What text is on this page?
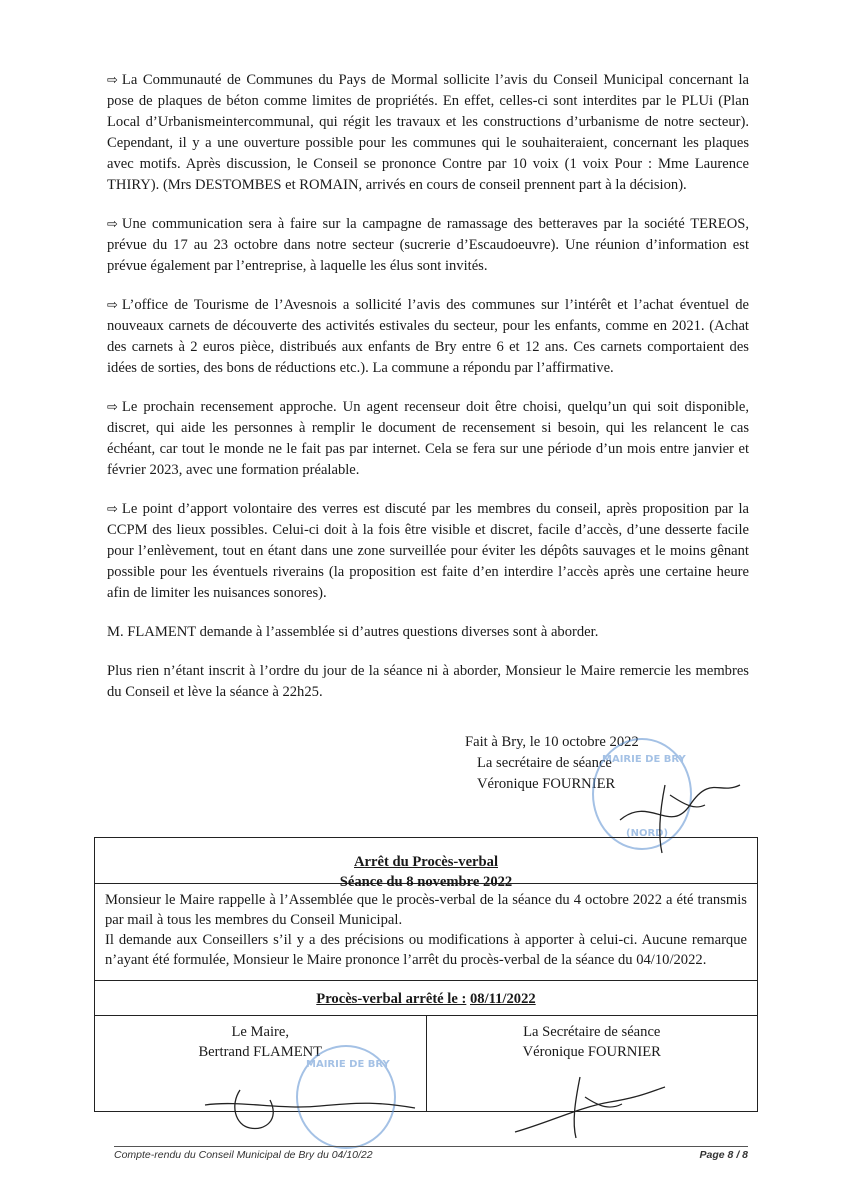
⇨ La Communauté de Communes du Pays de Mormal sollicite l’avis du Conseil Municipal concernant la pose de plaques de béton comme limites de propriétés. En effet, celles-ci sont interdites par le PLUi (Plan Local d’Urbanismeintercommunal, qui régit les travaux et les constructions d’urbanisme de notre secteur). Cependant, il y a une ouverture possible pour les communes qui le souhaiteraient, concernant les plaques avec motifs. Après discussion, le Conseil se prononce Contre par 10 voix (1 voix Pour : Mme Laurence THIRY). (Mrs DESTOMBES et ROMAIN, arrivés en cours de conseil prennent part à la décision).

⇨ Une communication sera à faire sur la campagne de ramassage des betteraves par la société TEREOS, prévue du 17 au 23 octobre dans notre secteur (sucrerie d’Escaudoeuvre). Une réunion d’information est prévue également par l’entreprise, à laquelle les élus sont invités.

⇨ L’office de Tourisme de l’Avesnois a sollicité l’avis des communes sur l’intérêt et l’achat éventuel de nouveaux carnets de découverte des activités estivales du secteur, pour les enfants, comme en 2021. (Achat des carnets à 2 euros pièce, distribués aux enfants de Bry entre 6 et 12 ans. Ces carnets comportaient des idées de sorties, des bons de réductions etc.). La commune a répondu par l’affirmative.

⇨ Le prochain recensement approche. Un agent recenseur doit être choisi, quelqu’un qui soit disponible, discret, qui aide les personnes à remplir le document de recensement si besoin, qui les relancent le cas échéant, car tout le monde ne le fait pas par internet. Cela se fera sur une période d’un mois entre janvier et février 2023, avec une formation préalable.

⇨ Le point d’apport volontaire des verres est discuté par les membres du conseil, après proposition par la CCPM des lieux possibles. Celui-ci doit à la fois être visible et discret, facile d’accès, d’une desserte facile pour l’enlèvement, tout en étant dans une zone surveillée pour éviter les dépôts sauvages et le moins gênant possible pour les éventuels riverains (la proposition est faite d’en interdire l’accès après une certaine heure afin de limiter les nuisances sonores).

M. FLAMENT demande à l’assemblée si d’autres questions diverses sont à aborder.

Plus rien n’étant inscrit à l’ordre du jour de la séance ni à aborder, Monsieur le Maire remercie les membres du Conseil et lève la séance à 22h25.

Fait à Bry, le 10 octobre 2022
La secrétaire de séance
Véronique FOURNIER
MAIRIE DE BRY
(NORD)
Arrêt du Procès-verbal
Séance du 8 novembre 2022

Monsieur le Maire rappelle à l’Assemblée que le procès-verbal de la séance du 4 octobre 2022 a été transmis par mail à tous les membres du Conseil Municipal.

Il demande aux Conseillers s’il y a des précisions ou modifications à apporter à celui-ci. Aucune remarque n’ayant été formulée, Monsieur le Maire prononce l’arrêt du procès-verbal de la séance du 04/10/2022.

Procès-verbal arrêté le : 08/11/2022
Le Maire,
Bertrand FLAMENT
La Secrétaire de séance
Véronique FOURNIER
MAIRIE DE BRY
Compte-rendu du Conseil Municipal de Bry du 04/10/22	Page 8 / 8
